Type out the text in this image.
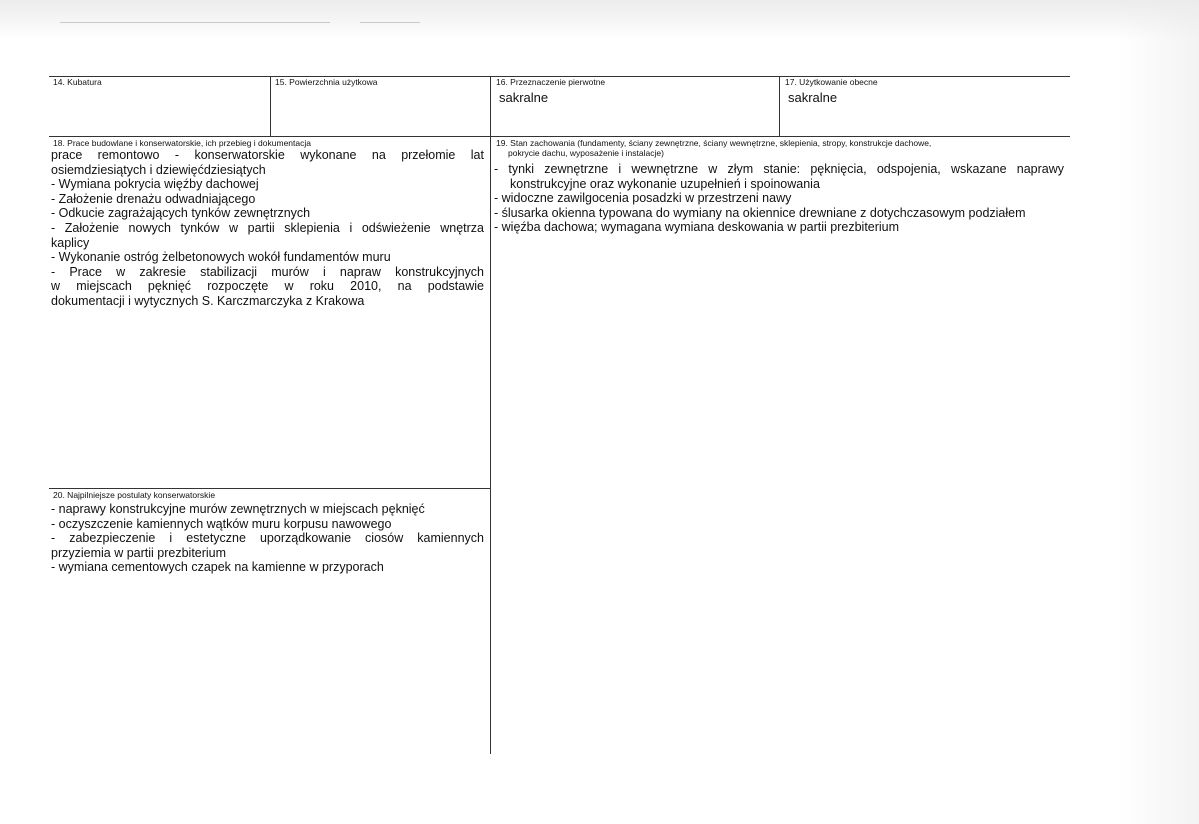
14. Kubatura	15. Powierzchnia użytkowa	16. Przeznaczenie pierwotne
sakralne
17. Użytkowanie obecne
sakralne
18. Prace budowlane i konserwatorskie, ich przebieg i dokumentacja
prace remontowo - konserwatorskie wykonane na przełomie lat
osiemdziesiątych i dziewięćdziesiątych
- Wymiana pokrycia więźby dachowej
- Założenie drenażu odwadniającego
- Odkucie zagrażających tynków zewnętrznych
- Założenie nowych tynków w partii sklepienia i odświeżenie wnętrza
kaplicy
- Wykonanie ostróg żelbetonowych wokół fundamentów muru
- Prace w zakresie stabilizacji murów i napraw konstrukcyjnych
w miejscach pęknięć rozpoczęte w roku 2010, na podstawie
dokumentacji i wytycznych S. Karczmarczyka z Krakowa
19. Stan zachowania (fundamenty, ściany zewnętrzne, ściany wewnętrzne, sklepienia, stropy, konstrukcje dachowe,
pokrycie dachu, wyposażenie i instalacje)
- tynki zewnętrzne i wewnętrzne w złym stanie: pęknięcia, odspojenia, wskazane naprawy
konstrukcyjne oraz wykonanie uzupełnień i spoinowania
- widoczne zawilgocenia posadzki w przestrzeni nawy
- ślusarka okienna typowana do wymiany na okiennice drewniane z dotychczasowym podziałem
- więźba dachowa; wymagana wymiana deskowania w partii prezbiterium
20. Najpilniejsze postulaty konserwatorskie
- naprawy konstrukcyjne murów zewnętrznych w miejscach pęknięć
- oczyszczenie kamiennych wątków muru korpusu nawowego
- zabezpieczenie i estetyczne uporządkowanie ciosów kamiennych
przyziemia w partii prezbiterium
- wymiana cementowych czapek na kamienne w przyporach
